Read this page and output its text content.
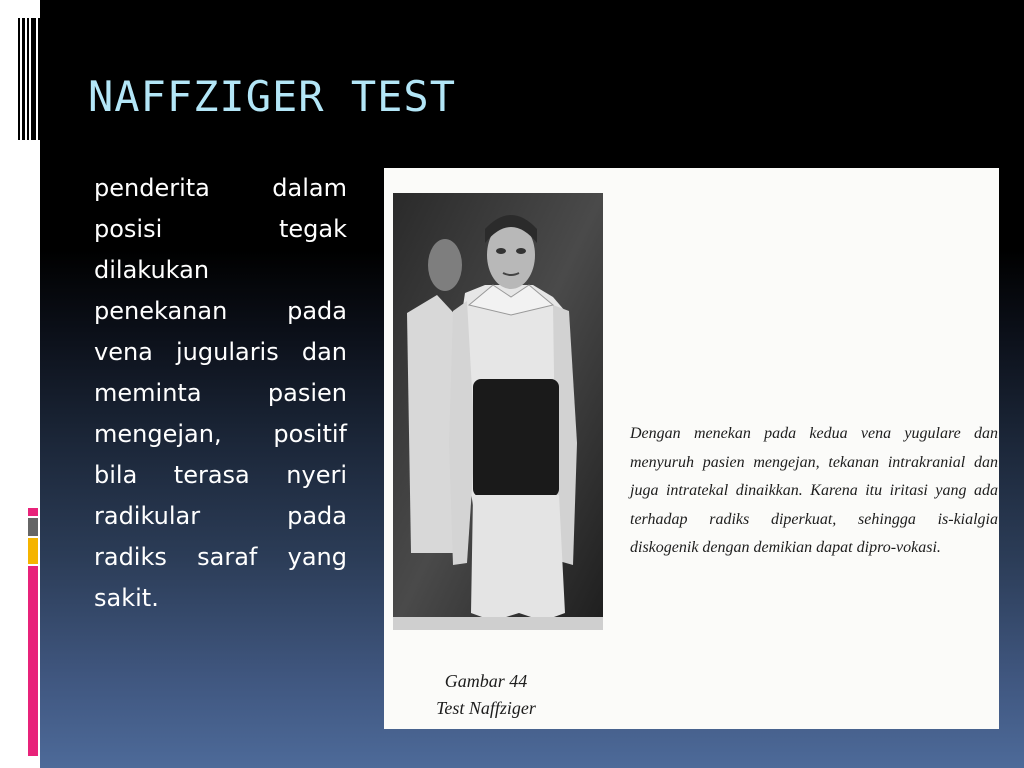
NAFFZIGER TEST

penderita dalam posisi tegak dilakukan penekanan pada vena jugularis dan meminta pasien mengejan, positif bila terasa nyeri radikular pada radiks saraf yang sakit.

Dengan menekan pada kedua vena yugulare dan menyuruh pasien mengejan, tekanan intrakranial dan juga intratekal dinaikkan. Karena itu iritasi yang ada terhadap radiks diperkuat, sehingga is-kialgia diskogenik dengan demikian dapat dipro-vokasi.

Gambar 44
Test Naffziger
